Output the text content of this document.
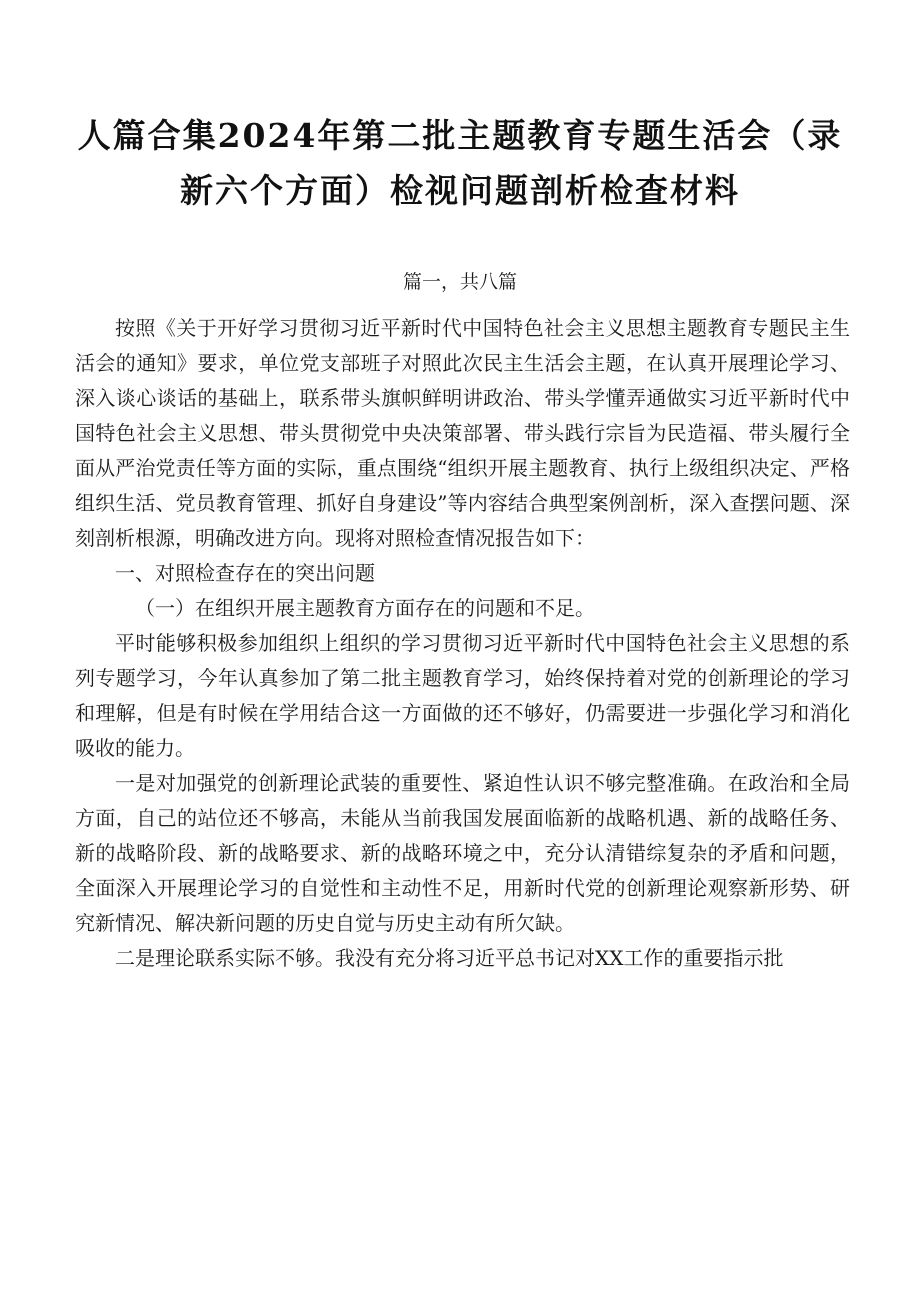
人篇合集2024年第二批主题教育专题生活会（录新六个方面）检视问题剖析检查材料

篇一，共八篇

按照《关于开好学习贯彻习近平新时代中国特色社会主义思想主题教育专题民主生活会的通知》要求，单位党支部班子对照此次民主生活会主题，在认真开展理论学习、深入谈心谈话的基础上，联系带头旗帜鲜明讲政治、带头学懂弄通做实习近平新时代中国特色社会主义思想、带头贯彻党中央决策部署、带头践行宗旨为民造福、带头履行全面从严治党责任等方面的实际，重点围绕“组织开展主题教育、执行上级组织决定、严格组织生活、党员教育管理、抓好自身建设”等内容结合典型案例剖析，深入查摆问题、深刻剖析根源，明确改进方向。现将对照检查情况报告如下：

一、对照检查存在的突出问题

（一）在组织开展主题教育方面存在的问题和不足。

平时能够积极参加组织上组织的学习贯彻习近平新时代中国特色社会主义思想的系列专题学习，今年认真参加了第二批主题教育学习，始终保持着对党的创新理论的学习和理解，但是有时候在学用结合这一方面做的还不够好，仍需要进一步强化学习和消化吸收的能力。

一是对加强党的创新理论武装的重要性、紧迫性认识不够完整准确。在政治和全局方面，自己的站位还不够高，未能从当前我国发展面临新的战略机遇、新的战略任务、新的战略阶段、新的战略要求、新的战略环境之中，充分认清错综复杂的矛盾和问题，全面深入开展理论学习的自觉性和主动性不足，用新时代党的创新理论观察新形势、研究新情况、解决新问题的历史自觉与历史主动有所欠缺。

二是理论联系实际不够。我没有充分将习近平总书记对XX工作的重要指示批
